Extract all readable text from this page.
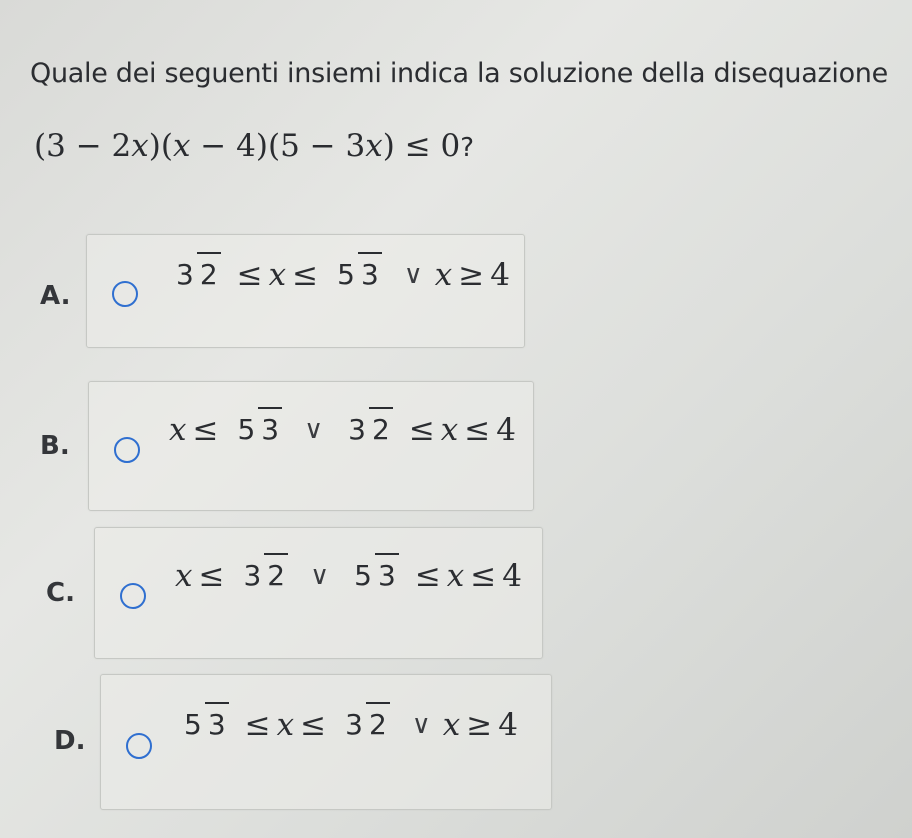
Quale dei seguenti insiemi indica la soluzione della disequazione
(3 − 2x)(x − 4)(5 − 3x) ≤ 0?
A.
3 2 ≤ x ≤ 5 3 ∨ x ≥ 4
B.	x ≤ 5 3 ∨ 3 2 ≤ x ≤ 4
C.	x ≤ 3 2 ∨ 5 3 ≤ x ≤ 4
D.	5 3 ≤ x ≤ 3 2 ∨ x ≥ 4
